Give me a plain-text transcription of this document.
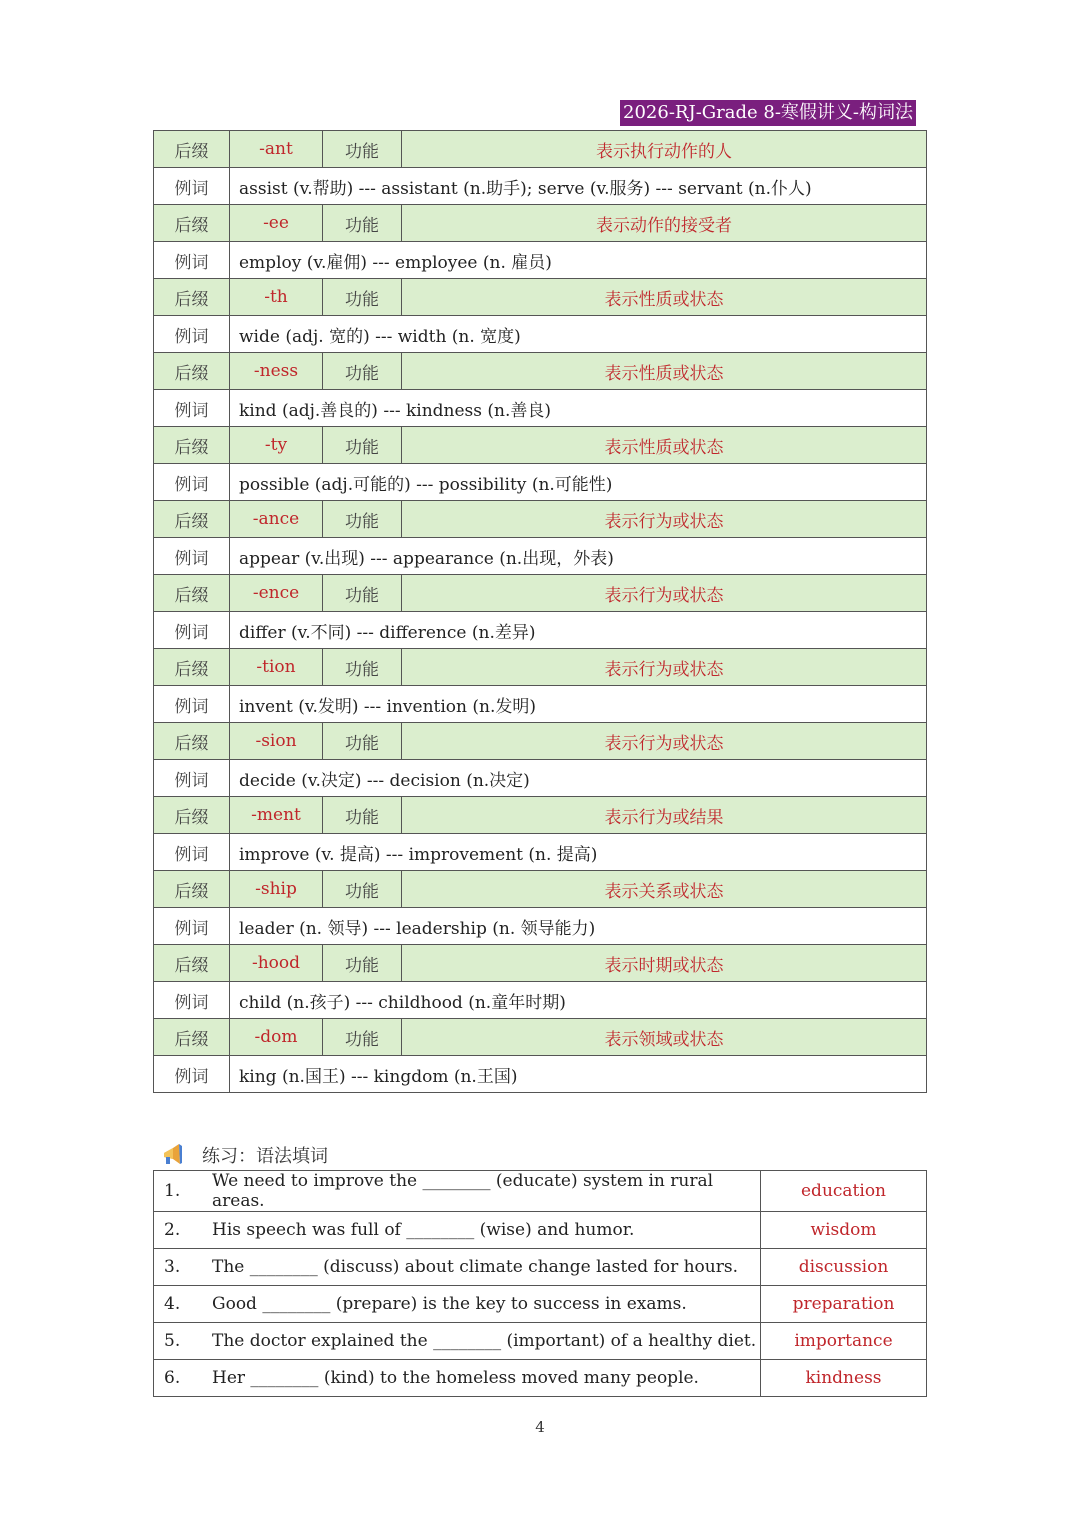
2026-RJ-Grade 8-寒假讲义-构词法
后缀	-ant	功能	表示执行动作的人
例词	assist (v.帮助) --- assistant (n.助手); serve (v.服务) --- servant (n.仆人)		
后缀	-ee	功能	表示动作的接受者
例词	employ (v.雇佣) --- employee (n. 雇员)		
后缀	-th	功能	表示性质或状态
例词	wide (adj. 宽的) --- width (n. 宽度)		
后缀	-ness	功能	表示性质或状态
例词	kind (adj.善良的) --- kindness (n.善良)		
后缀	-ty	功能	表示性质或状态
例词	possible (adj.可能的) --- possibility (n.可能性)		
后缀	-ance	功能	表示行为或状态
例词	appear (v.出现) --- appearance (n.出现，外表)		
后缀	-ence	功能	表示行为或状态
例词	differ (v.不同) --- difference (n.差异)		
后缀	-tion	功能	表示行为或状态
例词	invent (v.发明) --- invention (n.发明)		
后缀	-sion	功能	表示行为或状态
例词	decide (v.决定) --- decision (n.决定)		
后缀	-ment	功能	表示行为或结果
例词	improve (v. 提高) --- improvement (n. 提高)		
后缀	-ship	功能	表示关系或状态
例词	leader (n. 领导) --- leadership (n. 领导能力)		
后缀	-hood	功能	表示时期或状态
例词	child (n.孩子) --- childhood (n.童年时期)		
后缀	-dom	功能	表示领域或状态
例词	king (n.国王) --- kingdom (n.王国)		
练习：语法填词
1.	We need to improve the ________ (educate) system in rural areas.	education
2.	His speech was full of ________ (wise) and humor.	wisdom
3.	The ________ (discuss) about climate change lasted for hours.	discussion
4.	Good ________ (prepare) is the key to success in exams.	preparation
5.	The doctor explained the ________ (important) of a healthy diet.	importance
6.	Her ________ (kind) to the homeless moved many people.	kindness
4
